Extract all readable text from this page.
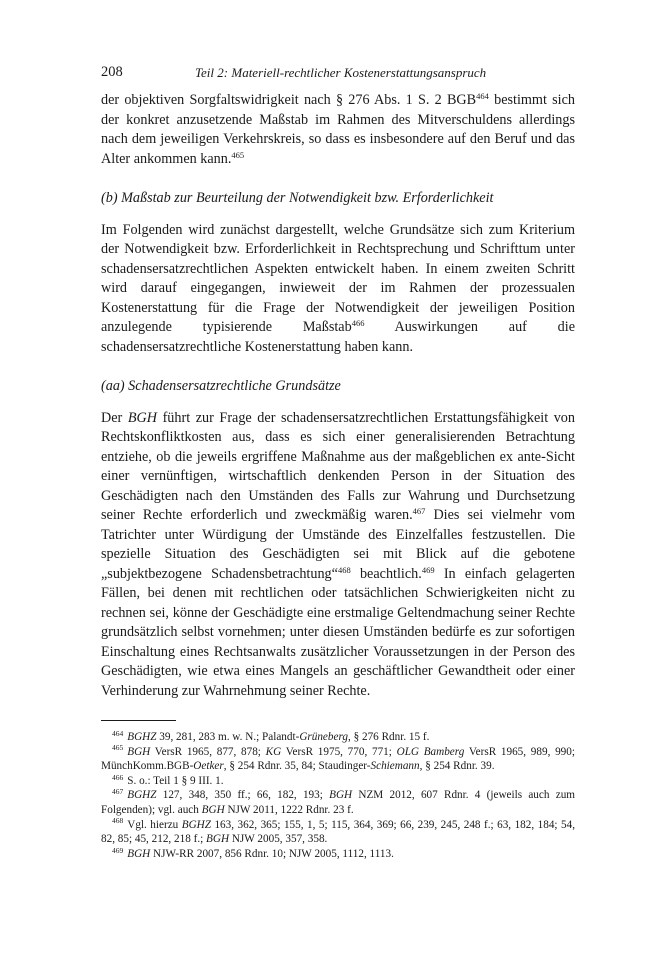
208	Teil 2: Materiell-rechtlicher Kostenerstattungsanspruch

der objektiven Sorgfaltswidrigkeit nach § 276 Abs. 1 S. 2 BGB$^{464}$ bestimmt sich der konkret anzusetzende Maßstab im Rahmen des Mitverschuldens allerdings nach dem jeweiligen Verkehrskreis, so dass es insbesondere auf den Beruf und das Alter ankommen kann.$^{465}$

(b) Maßstab zur Beurteilung der Notwendigkeit bzw. Erforderlichkeit

Im Folgenden wird zunächst dargestellt, welche Grundsätze sich zum Kriterium der Notwendigkeit bzw. Erforderlichkeit in Rechtsprechung und Schrifttum unter schadensersatzrechtlichen Aspekten entwickelt haben. In einem zweiten Schritt wird darauf eingegangen, inwieweit der im Rahmen der prozessualen Kostenerstattung für die Frage der Notwendigkeit der jeweiligen Position anzulegende typisierende Maßstab$^{466}$ Auswirkungen auf die schadensersatzrechtliche Kostenerstattung haben kann.

(aa) Schadensersatzrechtliche Grundsätze

Der BGH führt zur Frage der schadensersatzrechtlichen Erstattungsfähigkeit von Rechtskonfliktkosten aus, dass es sich einer generalisierenden Betrachtung entziehe, ob die jeweils ergriffene Maßnahme aus der maßgeblichen ex ante-Sicht einer vernünftigen, wirtschaftlich denkenden Person in der Situation des Geschädigten nach den Umständen des Falls zur Wahrung und Durchsetzung seiner Rechte erforderlich und zweckmäßig waren.$^{467}$ Dies sei vielmehr vom Tatrichter unter Würdigung der Umstände des Einzelfalles festzustellen. Die spezielle Situation des Geschädigten sei mit Blick auf die gebotene „subjektbezogene Schadensbetrachtung“$^{468}$ beachtlich.$^{469}$ In einfach gelagerten Fällen, bei denen mit rechtlichen oder tatsächlichen Schwierigkeiten nicht zu rechnen sei, könne der Geschädigte eine erstmalige Geltendmachung seiner Rechte grundsätzlich selbst vornehmen; unter diesen Umständen bedürfe es zur sofortigen Einschaltung eines Rechtsanwalts zusätzlicher Voraussetzungen in der Person des Geschädigten, wie etwa eines Mangels an geschäftlicher Gewandtheit oder einer Verhinderung zur Wahrnehmung seiner Rechte.

$^{464}$ BGHZ 39, 281, 283 m. w. N.; Palandt-Grüneberg, § 276 Rdnr. 15 f.
$^{465}$ BGH VersR 1965, 877, 878; KG VersR 1975, 770, 771; OLG Bamberg VersR 1965, 989, 990; MünchKomm.BGB-Oetker, § 254 Rdnr. 35, 84; Staudinger-Schiemann, § 254 Rdnr. 39.
$^{466}$ S. o.: Teil 1 § 9 III. 1.
$^{467}$ BGHZ 127, 348, 350 ff.; 66, 182, 193; BGH NZM 2012, 607 Rdnr. 4 (jeweils auch zum Folgenden); vgl. auch BGH NJW 2011, 1222 Rdnr. 23 f.
$^{468}$ Vgl. hierzu BGHZ 163, 362, 365; 155, 1, 5; 115, 364, 369; 66, 239, 245, 248 f.; 63, 182, 184; 54, 82, 85; 45, 212, 218 f.; BGH NJW 2005, 357, 358.
$^{469}$ BGH NJW-RR 2007, 856 Rdnr. 10; NJW 2005, 1112, 1113.
